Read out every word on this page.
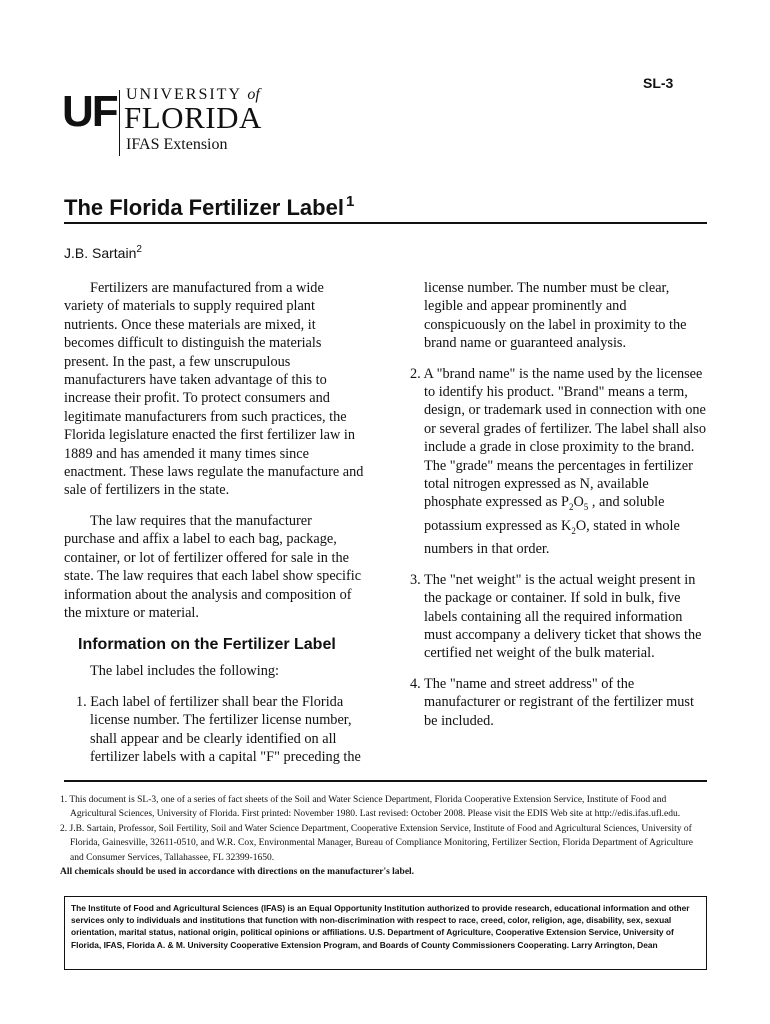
SL-3
UF UNIVERSITY of
FLORIDA
IFAS Extension
The Florida Fertilizer Label $^1$
J.B. Sartain$^2$

Fertilizers are manufactured from a wide variety of materials to supply required plant nutrients. Once these materials are mixed, it becomes difficult to distinguish the materials present. In the past, a few unscrupulous manufacturers have taken advantage of this to increase their profit. To protect consumers and legitimate manufacturers from such practices, the Florida legislature enacted the first fertilizer law in 1889 and has amended it many times since enactment. These laws regulate the manufacture and sale of fertilizers in the state.

The law requires that the manufacturer purchase and affix a label to each bag, package, container, or lot of fertilizer offered for sale in the state. The law requires that each label show specific information about the analysis and composition of the mixture or material.

Information on the Fertilizer Label

The label includes the following:

1. Each label of fertilizer shall bear the Florida license number. The fertilizer license number, shall appear and be clearly identified on all fertilizer labels with a capital "F" preceding the

license number. The number must be clear, legible and appear prominently and conspicuously on the label in proximity to the brand name or guaranteed analysis.

2. A "brand name" is the name used by the licensee to identify his product. "Brand" means a term, design, or trademark used in connection with one or several grades of fertilizer. The label shall also include a grade in close proximity to the brand. The "grade" means the percentages in fertilizer total nitrogen expressed as N, available phosphate expressed as $P_2O_5$ , and soluble potassium expressed as $K_2O$, stated in whole numbers in that order.

3. The "net weight" is the actual weight present in the package or container. If sold in bulk, five labels containing all the required information must accompany a delivery ticket that shows the certified net weight of the bulk material.

4. The "name and street address" of the manufacturer or registrant of the fertilizer must be included.

1. This document is SL-3, one of a series of fact sheets of the Soil and Water Science Department, Florida Cooperative Extension Service, Institute of Food and Agricultural Sciences, University of Florida. First printed: November 1980. Last revised: October 2008. Please visit the EDIS Web site at http://edis.ifas.ufl.edu.

2. J.B. Sartain, Professor, Soil Fertility, Soil and Water Science Department, Cooperative Extension Service, Institute of Food and Agricultural Sciences, University of Florida, Gainesville, 32611-0510, and W.R. Cox, Environmental Manager, Bureau of Compliance Monitoring, Fertilizer Section, Florida Department of Agriculture and Consumer Services, Tallahassee, FL 32399-1650.

All chemicals should be used in accordance with directions on the manufacturer's label.

The Institute of Food and Agricultural Sciences (IFAS) is an Equal Opportunity Institution authorized to provide research, educational information and other services only to individuals and institutions that function with non-discrimination with respect to race, creed, color, religion, age, disability, sex, sexual orientation, marital status, national origin, political opinions or affiliations. U.S. Department of Agriculture, Cooperative Extension Service, University of Florida, IFAS, Florida A. & M. University Cooperative Extension Program, and Boards of County Commissioners Cooperating. Larry Arrington, Dean
